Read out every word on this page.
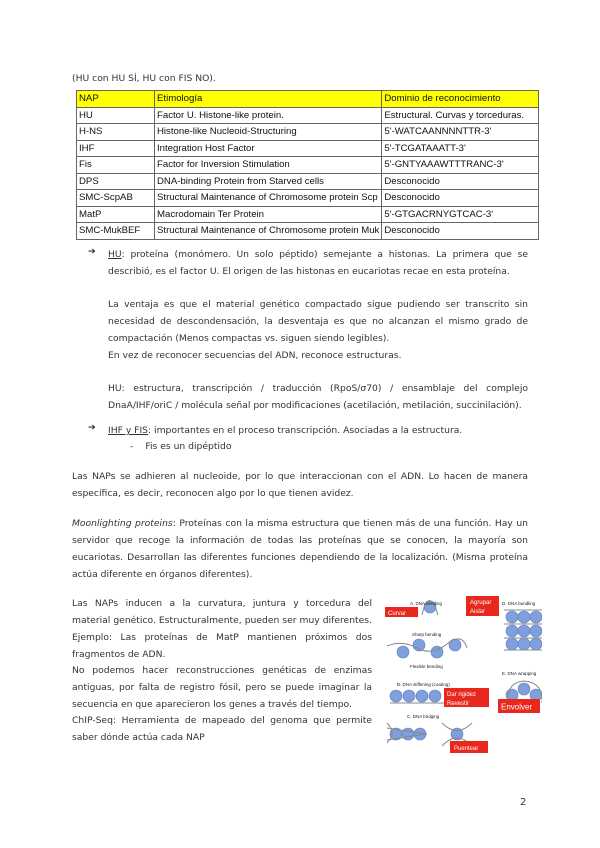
(HU con HU SÍ, HU con FIS NO).
NAP	Etimología	Dominio de reconocimiento
HU	Factor U. Histone-like protein.	Estructural. Curvas y torceduras.
H-NS	Histone-like Nucleoid-Structuring	5'-WATCAANNNNTTR-3'
IHF	Integration Host Factor	5'-TCGATAAATT-3'
Fis	Factor for Inversion Stimulation	5'-GNTYAAAWTTTRANC-3'
DPS	DNA-binding Protein from Starved cells	Desconocido
SMC-ScpAB	Structural Maintenance of Chromosome protein Scp	Desconocido
MatP	Macrodomain Ter Protein	5'-GTGACRNYGTCAC-3'
SMC-MukBEF	Structural Maintenance of Chromosome protein Muk	Desconocido
➔ HU: proteína (monómero. Un solo péptido) semejante a histonas. La primera que se describió, es el factor U. El origen de las histonas en eucariotas recae en esta proteína.
La ventaja es que el material genético compactado sigue pudiendo ser transcrito sin necesidad de descondensación, la desventaja es que no alcanzan el mismo grado de compactación (Menos compactas vs. siguen siendo legibles).
En vez de reconocer secuencias del ADN, reconoce estructuras.
HU: estructura, transcripción / traducción (RpoS/σ70) / ensamblaje del complejo DnaA/IHF/oriC / molécula señal por modificaciones (acetilación, metilación, succinilación).
➔ IHF y FIS: importantes en el proceso transcripción. Asociadas a la estructura.
- Fis es un dipéptido
Las NAPs se adhieren al nucleoide, por lo que interaccionan con el ADN. Lo hacen de manera específica, es decir, reconocen algo por lo que tienen avidez.
Moonlighting proteins: Proteínas con la misma estructura que tienen más de una función. Hay un servidor que recoge la información de todas las proteínas que se conocen, la mayoría son eucariotas. Desarrollan las diferentes funciones dependiendo de la localización. (Misma proteína actúa diferente en órganos diferentes).
Las NAPs inducen a la curvatura, juntura y torcedura del material genético. Estructuralmente, pueden ser muy diferentes. Ejemplo: Las proteínas de MatP mantienen próximos dos fragmentos de ADN.
No podemos hacer reconstrucciones genéticas de enzimas antiguas, por falta de registro fósil, pero se puede imaginar la secuencia en que aparecieron los genes a través del tiempo.
ChIP-Seq: Herramienta de mapeado del genoma que permite saber dónde actúa cada NAP
A. DNA bending
Sharp bending
Flexible bending
B. DNA stiffening (coating)
C. DNA bridging
D. DNA bundling
E. DNA wrapping
Curvar
Agrupar
Aislar
Dar rigidez
Revestir
Puentear
Envolver
2
